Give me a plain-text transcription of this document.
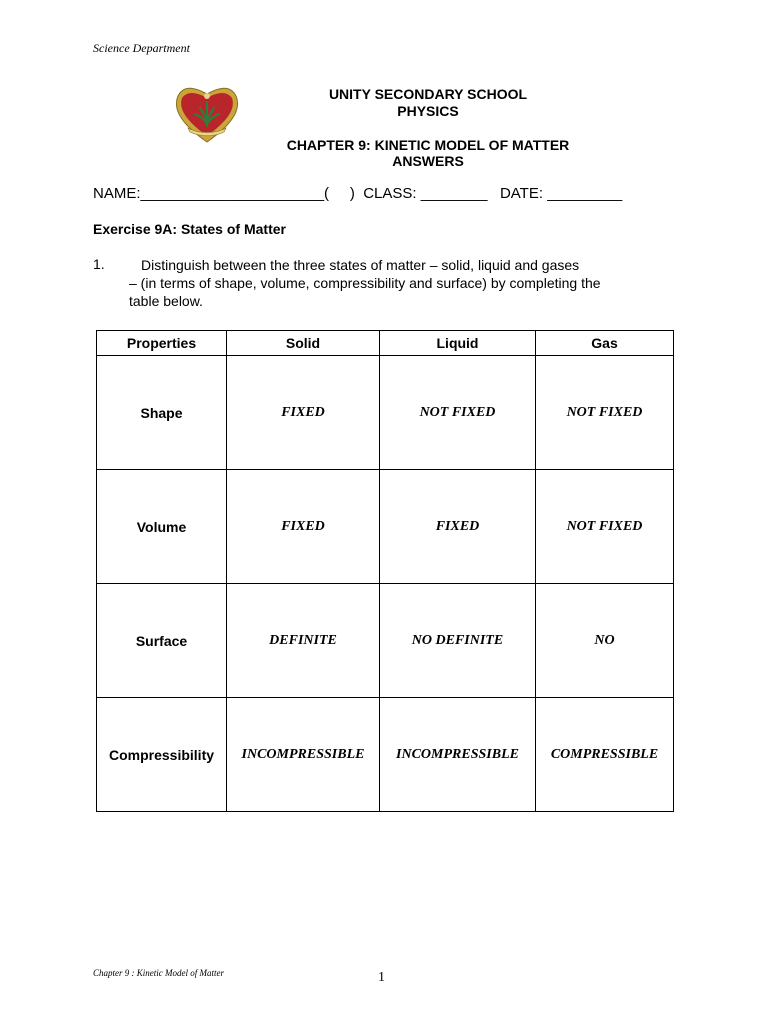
Science Department
UNITY SECONDARY SCHOOL
PHYSICS
CHAPTER 9: KINETIC MODEL OF MATTER
ANSWERS
NAME:______________________(     )  CLASS: ________   DATE: _________
Exercise 9A: States of Matter
1.	Distinguish between the three states of matter – solid, liquid and gases
– (in terms of shape, volume, compressibility and surface) by completing the
table below.
Properties	Solid	Liquid	Gas
Shape	FIXED	NOT FIXED	NOT FIXED
Volume	FIXED	FIXED	NOT FIXED
Surface	DEFINITE	NO DEFINITE	NO
Compressibility	INCOMPRESSIBLE	INCOMPRESSIBLE	COMPRESSIBLE
Chapter 9 : Kinetic Model of Matter	1
